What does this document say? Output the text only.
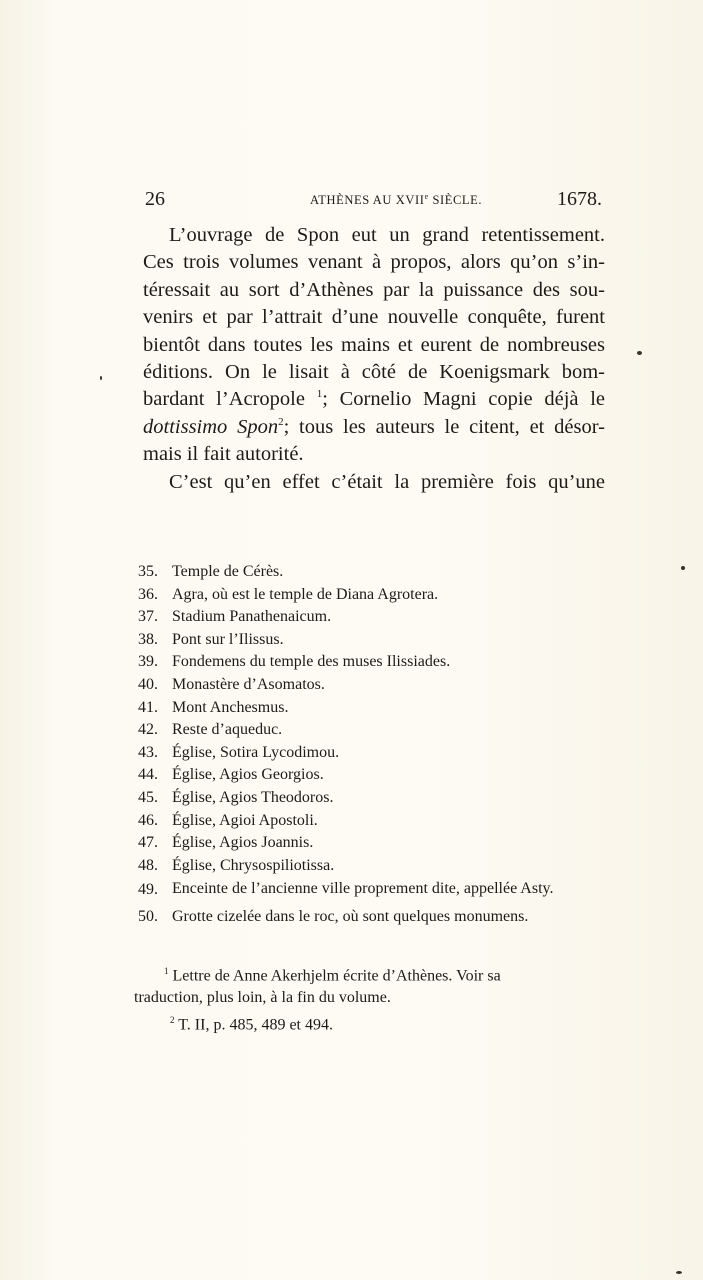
26	ATHÈNES AU XVIIe SIÈCLE.	1678.
L’ouvrage de Spon eut un grand retentissement.
Ces trois volumes venant à propos, alors qu’on s’in-
téressait au sort d’Athènes par la puissance des sou-
venirs et par l’attrait d’une nouvelle conquête, furent
bientôt dans toutes les mains et eurent de nombreuses
éditions. On le lisait à côté de Koenigsmark bom-
bardant l’Acropole $^1$; Cornelio Magni copie déjà le
dottissimo Spon$^2$; tous les auteurs le citent, et désor-
mais il fait autorité.
C’est qu’en effet c’était la première fois qu’une
35. Temple de Cérès.
36. Agra, où est le temple de Diana Agrotera.
37. Stadium Panathenaicum.
38. Pont sur l’Ilissus.
39. Fondemens du temple des muses Ilissiades.
40. Monastère d’Asomatos.
41. Mont Anchesmus.
42. Reste d’aqueduc.
43. Église, Sotira Lycodimou.
44. Église, Agios Georgios.
45. Église, Agios Theodoros.
46. Église, Agioi Apostoli.
47. Église, Agios Joannis.
48. Église, Chrysospiliotissa.
49. Enceinte de l’ancienne ville proprement dite, appellée Asty.
50. Grotte cizelée dans le roc, où sont quelques monumens.
$^1$ Lettre de Anne Akerhjelm écrite d’Athènes. Voir sa
traduction, plus loin, à la fin du volume.
$^2$ T. II, p. 485, 489 et 494.
